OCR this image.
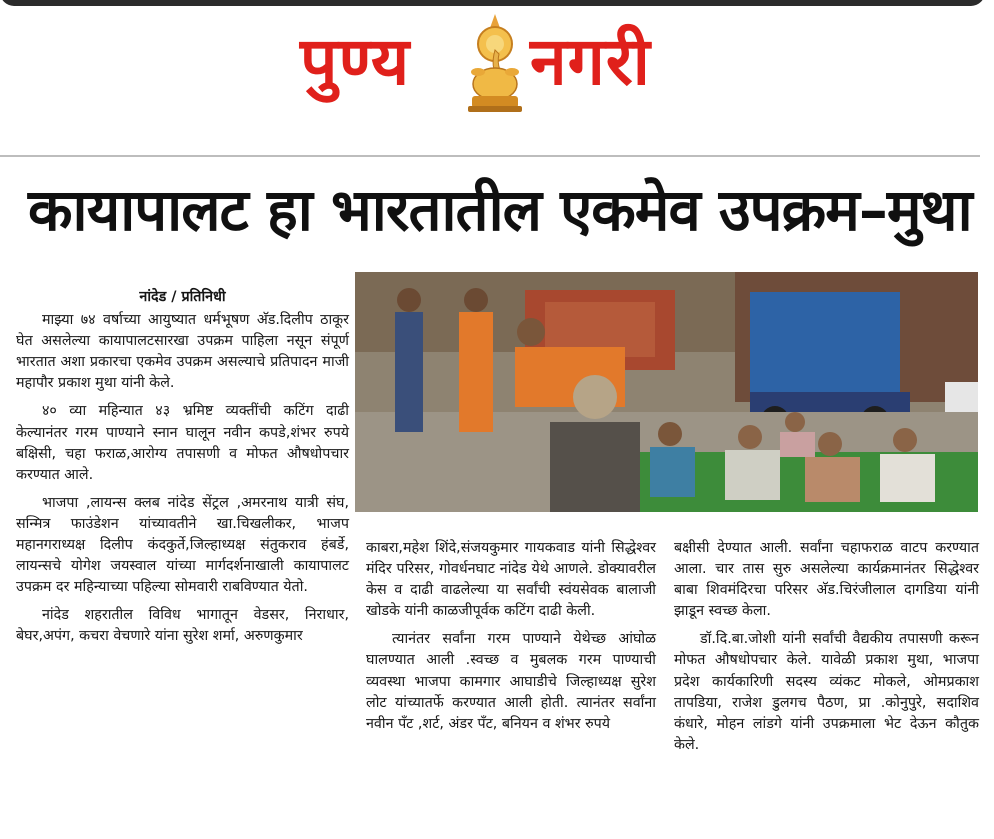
पुण्य नगरी
कायापालट हा भारतातील एकमेव उपक्रम–मुथा
नांदेड / प्रतिनिधी

माझ्या ७४ वर्षाच्या आयुष्यात धर्मभूषण अ‍ॅड.दिलीप ठाकूर घेत असलेल्या कायापालटसारखा उपक्रम पाहिला नसून संपूर्ण भारतात अशा प्रकारचा एकमेव उपक्रम असल्याचे प्रतिपादन माजी महापौर प्रकाश मुथा यांनी केले.

४० व्या महिन्यात ४३ भ्रमिष्ट व्यक्तींची कटिंग दाढी केल्यानंतर गरम पाण्याने स्नान घालून नवीन कपडे,शंभर रुपये बक्षिसी, चहा फराळ,आरोग्य तपासणी व मोफत औषधोपचार करण्यात आले.

भाजपा ,लायन्स क्लब नांदेड सेंट्रल ,अमरनाथ यात्री संघ, सन्मित्र फाउंडेशन यांच्यावतीने खा.चिखलीकर, भाजप महानगराध्यक्ष दिलीप कंदकुर्ते,जिल्हाध्यक्ष संतुकराव हंबर्डे, लायन्सचे योगेश जयस्वाल यांच्या मार्गदर्शनाखाली कायापालट उपक्रम दर महिन्याच्या पहिल्या सोमवारी राबविण्यात येतो.

नांदेड शहरातील विविध भागातून वेडसर, निराधार, बेघर,अपंग, कचरा वेचणारे यांना सुरेश शर्मा, अरुणकुमार

काबरा,महेश शिंदे,संजयकुमार गायकवाड यांनी सिद्धेश्वर मंदिर परिसर, गोवर्धनघाट नांदेड येथे आणले. डोक्यावरील केस व दाढी वाढलेल्या या सर्वांची स्वंयसेवक बालाजी खोडके यांनी काळजीपूर्वक कटिंग दाढी केली.

त्यानंतर सर्वांना गरम पाण्याने येथेच्छ आंघोळ घालण्यात आली .स्वच्छ व मुबलक गरम पाण्याची व्यवस्था भाजपा कामगार आघाडीचे जिल्हाध्यक्ष सुरेश लोट यांच्यातर्फे करण्यात आली होती. त्यानंतर सर्वांना नवीन पँट ,शर्ट, अंडर पँट, बनियन व शंभर रुपये

बक्षीसी देण्यात आली. सर्वांना चहाफराळ वाटप करण्यात आला. चार तास सुरु असलेल्या कार्यक्रमानंतर सिद्धेश्वर बाबा शिवमंदिरचा परिसर अ‍ॅड.चिरंजीलाल दागडिया यांनी झाडून स्वच्छ केला.

डॉ.दि.बा.जोशी यांनी सर्वांची वैद्यकीय तपासणी करून मोफत औषधोपचार केले. यावेळी प्रकाश मुथा, भाजपा प्रदेश कार्यकारिणी सदस्य व्यंकट मोकले, ओमप्रकाश तापडिया, राजेश डुलगच पैठण, प्रा .कोनुपुरे, सदाशिव कंधारे, मोहन लांडगे यांनी उपक्रमाला भेट देऊन कौतुक केले.
